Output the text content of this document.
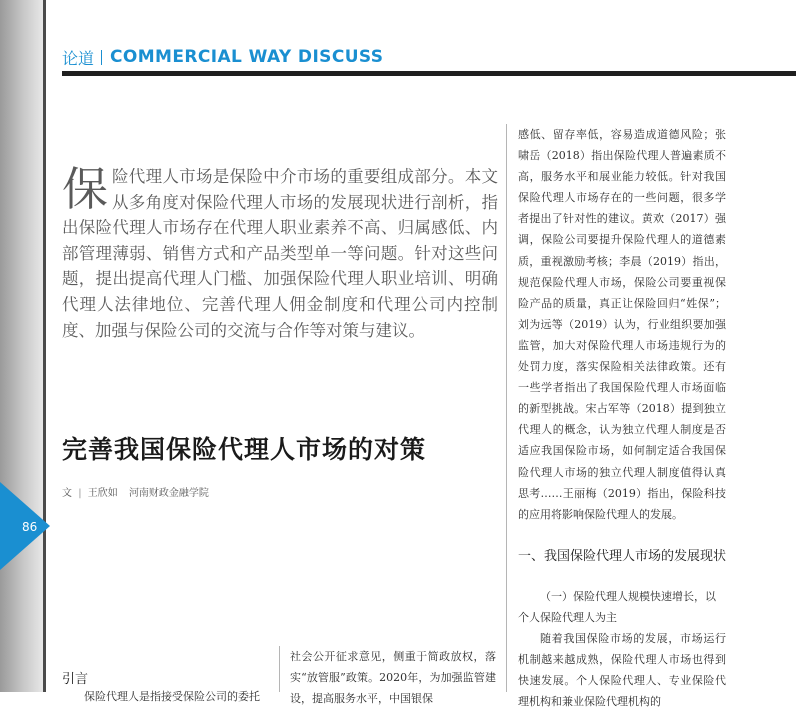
86
论道 COMMERCIAL WAY DISCUSS
保险代理人市场是保险中介市场的重要组成部分。本文从多角度对保险代理人市场的发展现状进行剖析，指出保险代理人市场存在代理人职业素养不高、归属感低、内部管理薄弱、销售方式和产品类型单一等问题。针对这些问题，提出提高代理人门槛、加强保险代理人职业培训、明确代理人法律地位、完善代理人佣金制度和代理公司内控制度、加强与保险公司的交流与合作等对策与建议。
完善我国保险代理人市场的对策
文 | 王欣如 河南财政金融学院
感低、留存率低，容易造成道德风险；张啸岳（2018）指出保险代理人普遍素质不高，服务水平和展业能力较低。针对我国保险代理人市场存在的一些问题，很多学者提出了针对性的建议。黄欢（2017）强调，保险公司要提升保险代理人的道德素质，重视激励考核；李晨（2019）指出，规范保险代理人市场，保险公司要重视保险产品的质量，真正让保险回归“姓保”；刘为远等（2019）认为，行业组织要加强监管，加大对保险代理人市场违规行为的处罚力度，落实保险相关法律政策。还有一些学者指出了我国保险代理人市场面临的新型挑战。宋占军等（2018）提到独立代理人的概念，认为独立代理人制度是否适应我国保险市场，如何制定适合我国保险代理人市场的独立代理人制度值得认真思考……王丽梅（2019）指出，保险科技的应用将影响保险代理人的发展。
一、我国保险代理人市场的发展现状
（一）保险代理人规模快速增长，以个人保险代理人为主
随着我国保险市场的发展，市场运行机制越来越成熟，保险代理人市场也得到快速发展。个人保险代理人、专业保险代理机构和兼业保险代理机构的
社会公开征求意见，侧重于简政放权，落实“放管服”政策。2020年，为加强监管建设，提高服务水平，中国银保
引言
保险代理人是指接受保险公司的委托
